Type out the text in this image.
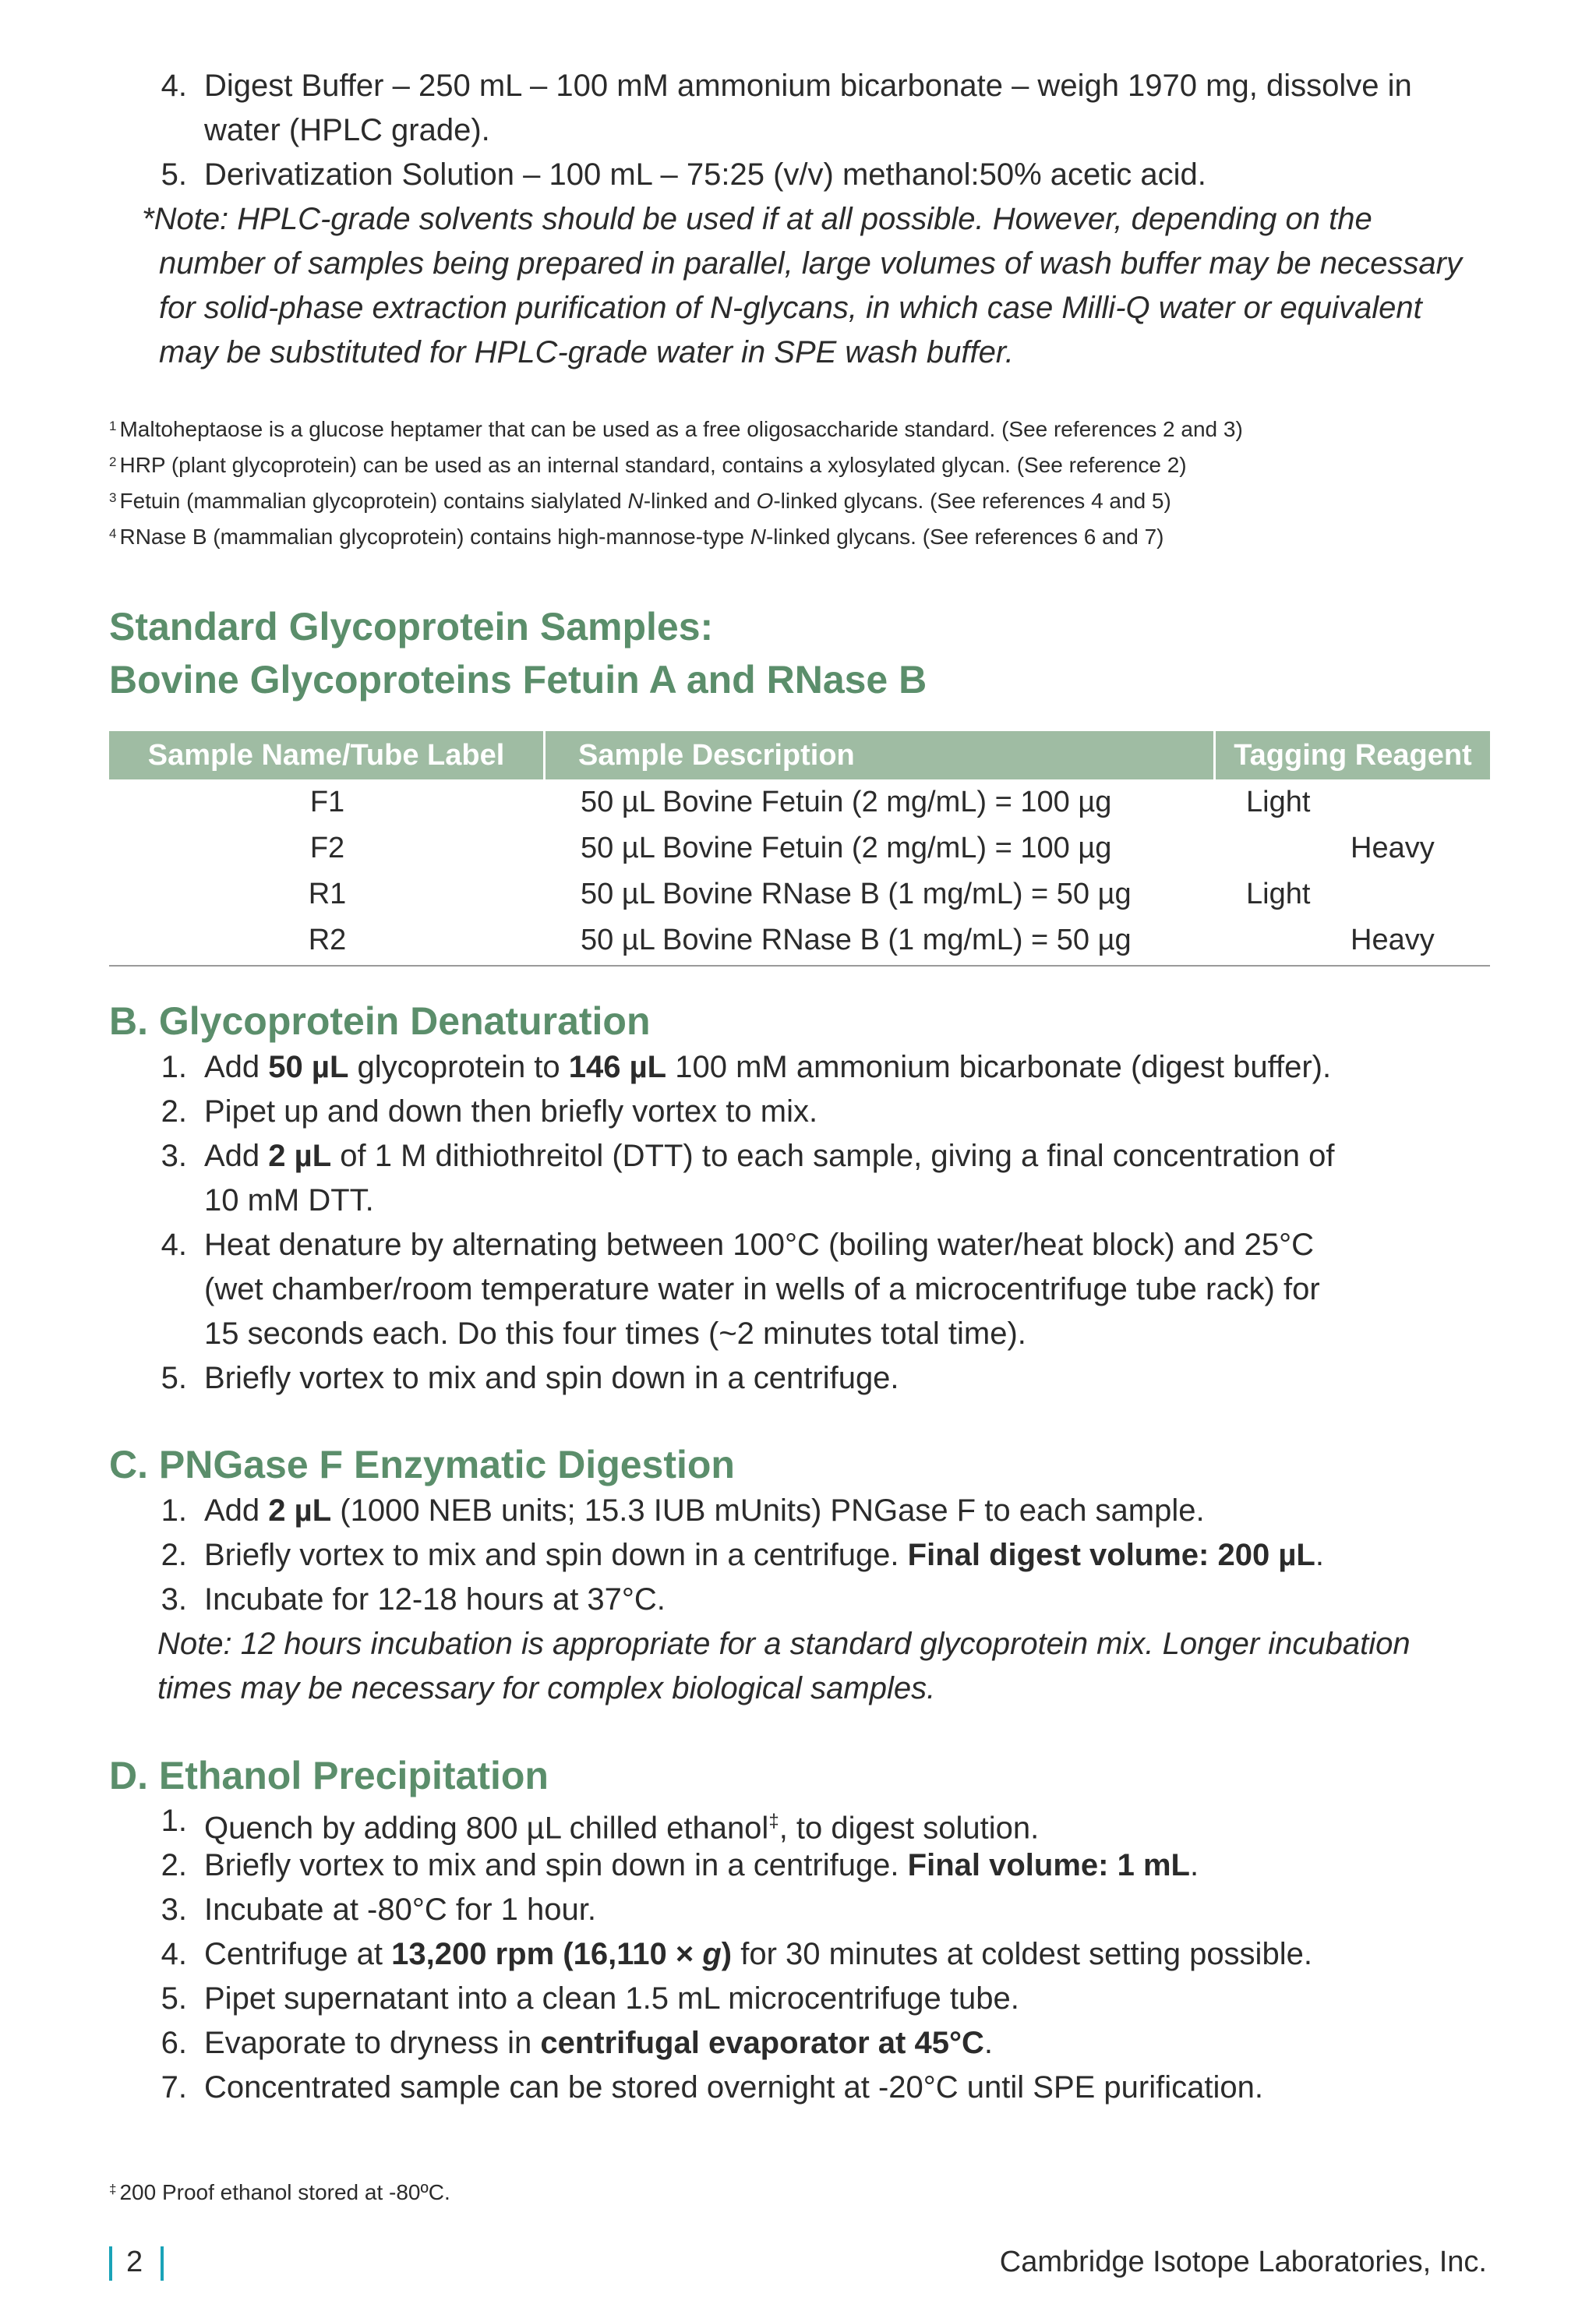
4. Digest Buffer – 250 mL – 100 mM ammonium bicarbonate – weigh 1970 mg, dissolve in water (HPLC grade).
5. Derivatization Solution – 100 mL – 75:25 (v/v) methanol:50% acetic acid.
*Note: HPLC-grade solvents should be used if at all possible. However, depending on the number of samples being prepared in parallel, large volumes of wash buffer may be necessary for solid-phase extraction purification of N-glycans, in which case Milli-Q water or equivalent may be substituted for HPLC-grade water in SPE wash buffer.
$^1$ Maltoheptaose is a glucose heptamer that can be used as a free oligosaccharide standard. (See references 2 and 3)
$^2$ HRP (plant glycoprotein) can be used as an internal standard, contains a xylosylated glycan. (See reference 2)
$^3$ Fetuin (mammalian glycoprotein) contains sialylated N-linked and O-linked glycans. (See references 4 and 5)
$^4$ RNase B (mammalian glycoprotein) contains high-mannose-type N-linked glycans. (See references 6 and 7)
Standard Glycoprotein Samples:
Bovine Glycoproteins Fetuin A and RNase B
Sample Name/Tube Label	Sample Description	Tagging Reagent
F1	50 µL Bovine Fetuin (2 mg/mL) = 100 µg	Light
F2	50 µL Bovine Fetuin (2 mg/mL) = 100 µg	Heavy
R1	50 µL Bovine RNase B (1 mg/mL) = 50 µg	Light
R2	50 µL Bovine RNase B (1 mg/mL) = 50 µg	Heavy
B. Glycoprotein Denaturation
1. Add 50 µL glycoprotein to 146 µL 100 mM ammonium bicarbonate (digest buffer).
2. Pipet up and down then briefly vortex to mix.
3. Add 2 µL of 1 M dithiothreitol (DTT) to each sample, giving a final concentration of 10 mM DTT.
4. Heat denature by alternating between 100°C (boiling water/heat block) and 25°C (wet chamber/room temperature water in wells of a microcentrifuge tube rack) for 15 seconds each. Do this four times (~2 minutes total time).
5. Briefly vortex to mix and spin down in a centrifuge.
C. PNGase F Enzymatic Digestion
1. Add 2 µL (1000 NEB units; 15.3 IUB mUnits) PNGase F to each sample.
2. Briefly vortex to mix and spin down in a centrifuge. Final digest volume: 200 µL.
3. Incubate for 12-18 hours at 37°C.
Note: 12 hours incubation is appropriate for a standard glycoprotein mix. Longer incubation times may be necessary for complex biological samples.
D. Ethanol Precipitation
1. Quench by adding 800 µL chilled ethanol‡, to digest solution.
2. Briefly vortex to mix and spin down in a centrifuge. Final volume: 1 mL.
3. Incubate at -80°C for 1 hour.
4. Centrifuge at 13,200 rpm (16,110 × g) for 30 minutes at coldest setting possible.
5. Pipet supernatant into a clean 1.5 mL microcentrifuge tube.
6. Evaporate to dryness in centrifugal evaporator at 45°C.
7. Concentrated sample can be stored overnight at -20°C until SPE purification.
‡ 200 Proof ethanol stored at -80ºC.
2	Cambridge Isotope Laboratories, Inc.
